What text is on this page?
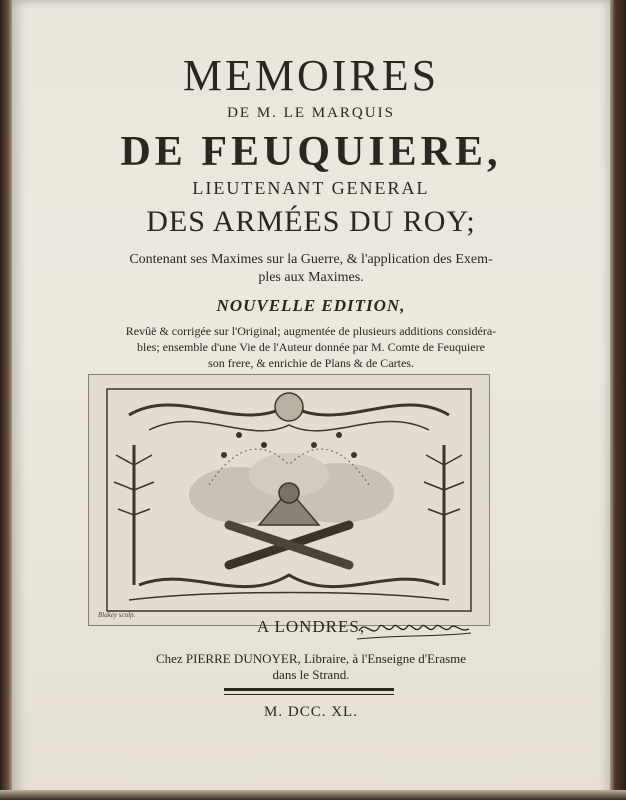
MEMOIRES
DE M. LE MARQUIS
DE FEUQUIERE,
LIEUTENANT GENERAL
DES ARMÉES DU ROY;
Contenant ses Maximes sur la Guerre, & l'application des Exem-
ples aux Maximes.
NOUVELLE EDITION,
Revûë & corrigée sur l'Original; augmentée de plusieurs additions considéra-
bles; ensemble d'une Vie de l'Auteur donnée par M. Comte de Feuquiere
son frere, & enrichie de Plans & de Cartes.
Blakey sculp.
A LONDRES,
Chez PIERRE DUNOYER, Libraire, à l'Enseigne d'Erasme
dans le Strand.
M. DCC. XL.
